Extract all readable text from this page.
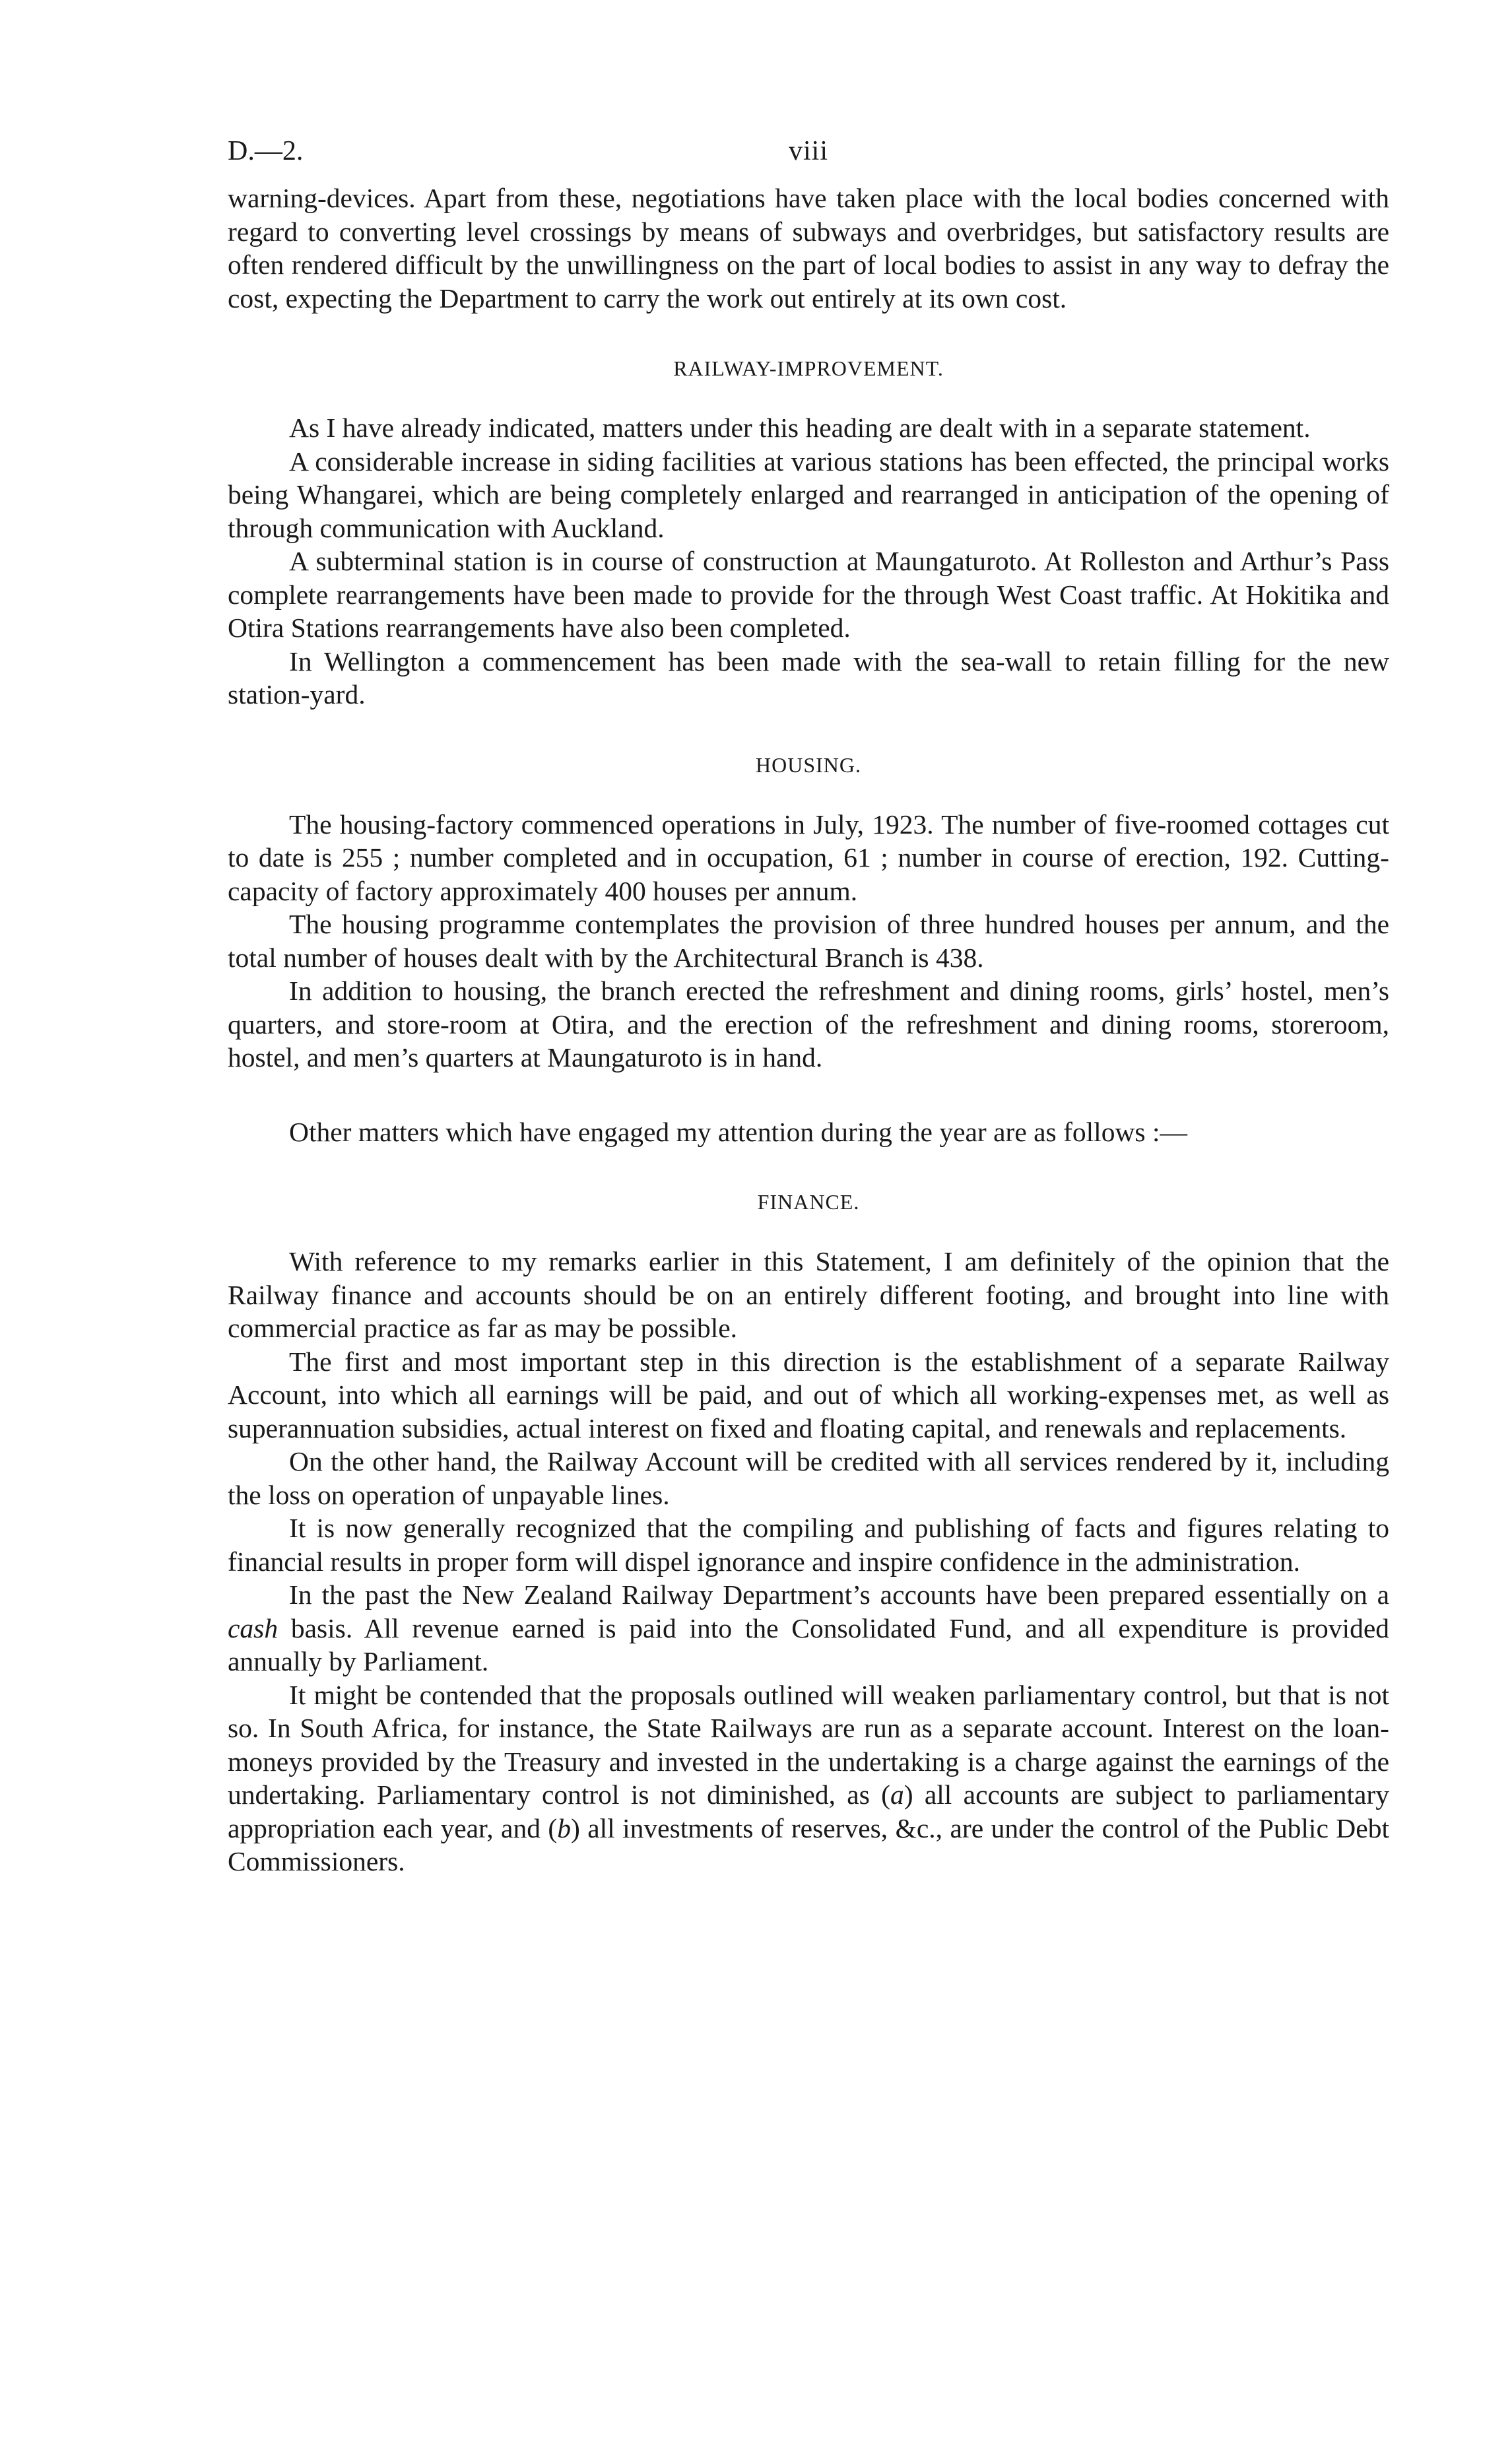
D.—2.	viii

warning-devices. Apart from these, negotiations have taken place with the local bodies concerned with regard to converting level crossings by means of subways and overbridges, but satisfactory results are often rendered difficult by the unwillingness on the part of local bodies to assist in any way to defray the cost, expecting the Department to carry the work out entirely at its own cost.

RAILWAY-IMPROVEMENT.

As I have already indicated, matters under this heading are dealt with in a separate statement.

A considerable increase in siding facilities at various stations has been effected, the principal works being Whangarei, which are being completely enlarged and rearranged in anticipation of the opening of through communication with Auckland.

A subterminal station is in course of construction at Maungaturoto. At Rolleston and Arthur’s Pass complete rearrangements have been made to provide for the through West Coast traffic. At Hokitika and Otira Stations rearrangements have also been completed.

In Wellington a commencement has been made with the sea-wall to retain filling for the new station-yard.

HOUSING.

The housing-factory commenced operations in July, 1923. The number of five-roomed cottages cut to date is 255 ; number completed and in occupation, 61 ; number in course of erection, 192. Cutting-capacity of factory approximately 400 houses per annum.

The housing programme contemplates the provision of three hundred houses per annum, and the total number of houses dealt with by the Architectural Branch is 438.

In addition to housing, the branch erected the refreshment and dining rooms, girls’ hostel, men’s quarters, and store-room at Otira, and the erection of the refreshment and dining rooms, storeroom, hostel, and men’s quarters at Maungaturoto is in hand.

Other matters which have engaged my attention during the year are as follows :—

FINANCE.

With reference to my remarks earlier in this Statement, I am definitely of the opinion that the Railway finance and accounts should be on an entirely different footing, and brought into line with commercial practice as far as may be possible.

The first and most important step in this direction is the establishment of a separate Railway Account, into which all earnings will be paid, and out of which all working-expenses met, as well as superannuation subsidies, actual interest on fixed and floating capital, and renewals and replacements.

On the other hand, the Railway Account will be credited with all services rendered by it, including the loss on operation of unpayable lines.

It is now generally recognized that the compiling and publishing of facts and figures relating to financial results in proper form will dispel ignorance and inspire confidence in the administration.

In the past the New Zealand Railway Department’s accounts have been prepared essentially on a cash basis. All revenue earned is paid into the Consolidated Fund, and all expenditure is provided annually by Parliament.

It might be contended that the proposals outlined will weaken parliamentary control, but that is not so. In South Africa, for instance, the State Railways are run as a separate account. Interest on the loan-moneys provided by the Treasury and invested in the undertaking is a charge against the earnings of the undertaking. Parliamentary control is not diminished, as (a) all accounts are subject to parliamentary appropriation each year, and (b) all investments of reserves, &c., are under the control of the Public Debt Commissioners.
